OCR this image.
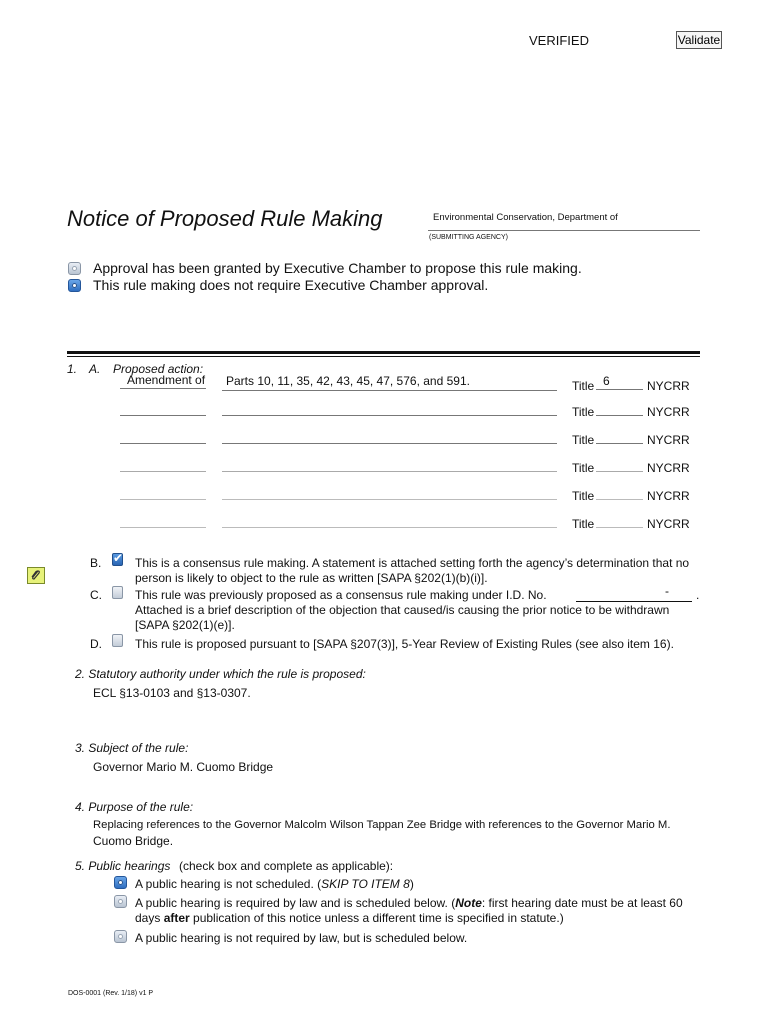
VERIFIED	Validate
Notice of Proposed Rule Making	Environmental Conservation, Department of
(SUBMITTING AGENCY)
Approval has been granted by Executive Chamber to propose this rule making.
This rule making does not require Executive Chamber approval.
1. A. Proposed action:
Amendment of Parts 10, 11, 35, 42, 43, 45, 47, 576, and 591.	Title 6	NYCRR
Title	NYCRR
Title	NYCRR
Title	NYCRR
Title	NYCRR
Title	NYCRR
B.
✔	This is a consensus rule making. A statement is attached setting forth the agency’s determination that no
person is likely to object to the rule as written [SAPA §202(1)(b)(i)].
C.	This rule was previously proposed as a consensus rule making under I.D. No.	- .
Attached is a brief description of the objection that caused/is causing the prior notice to be withdrawn
[SAPA §202(1)(e)].
D.	This rule is proposed pursuant to [SAPA §207(3)], 5-Year Review of Existing Rules (see also item 16).
2. Statutory authority under which the rule is proposed:
ECL §13-0103 and §13-0307.
3. Subject of the rule:
Governor Mario M. Cuomo Bridge
4. Purpose of the rule:
Replacing references to the Governor Malcolm Wilson Tappan Zee Bridge with references to the Governor Mario M.
Cuomo Bridge.
5. Public hearings (check box and complete as applicable):
A public hearing is not scheduled. (SKIP TO ITEM 8)
A public hearing is required by law and is scheduled below. (Note: first hearing date must be at least 60
days after publication of this notice unless a different time is specified in statute.)
A public hearing is not required by law, but is scheduled below.
DOS-0001 (Rev. 1/18) v1 P
